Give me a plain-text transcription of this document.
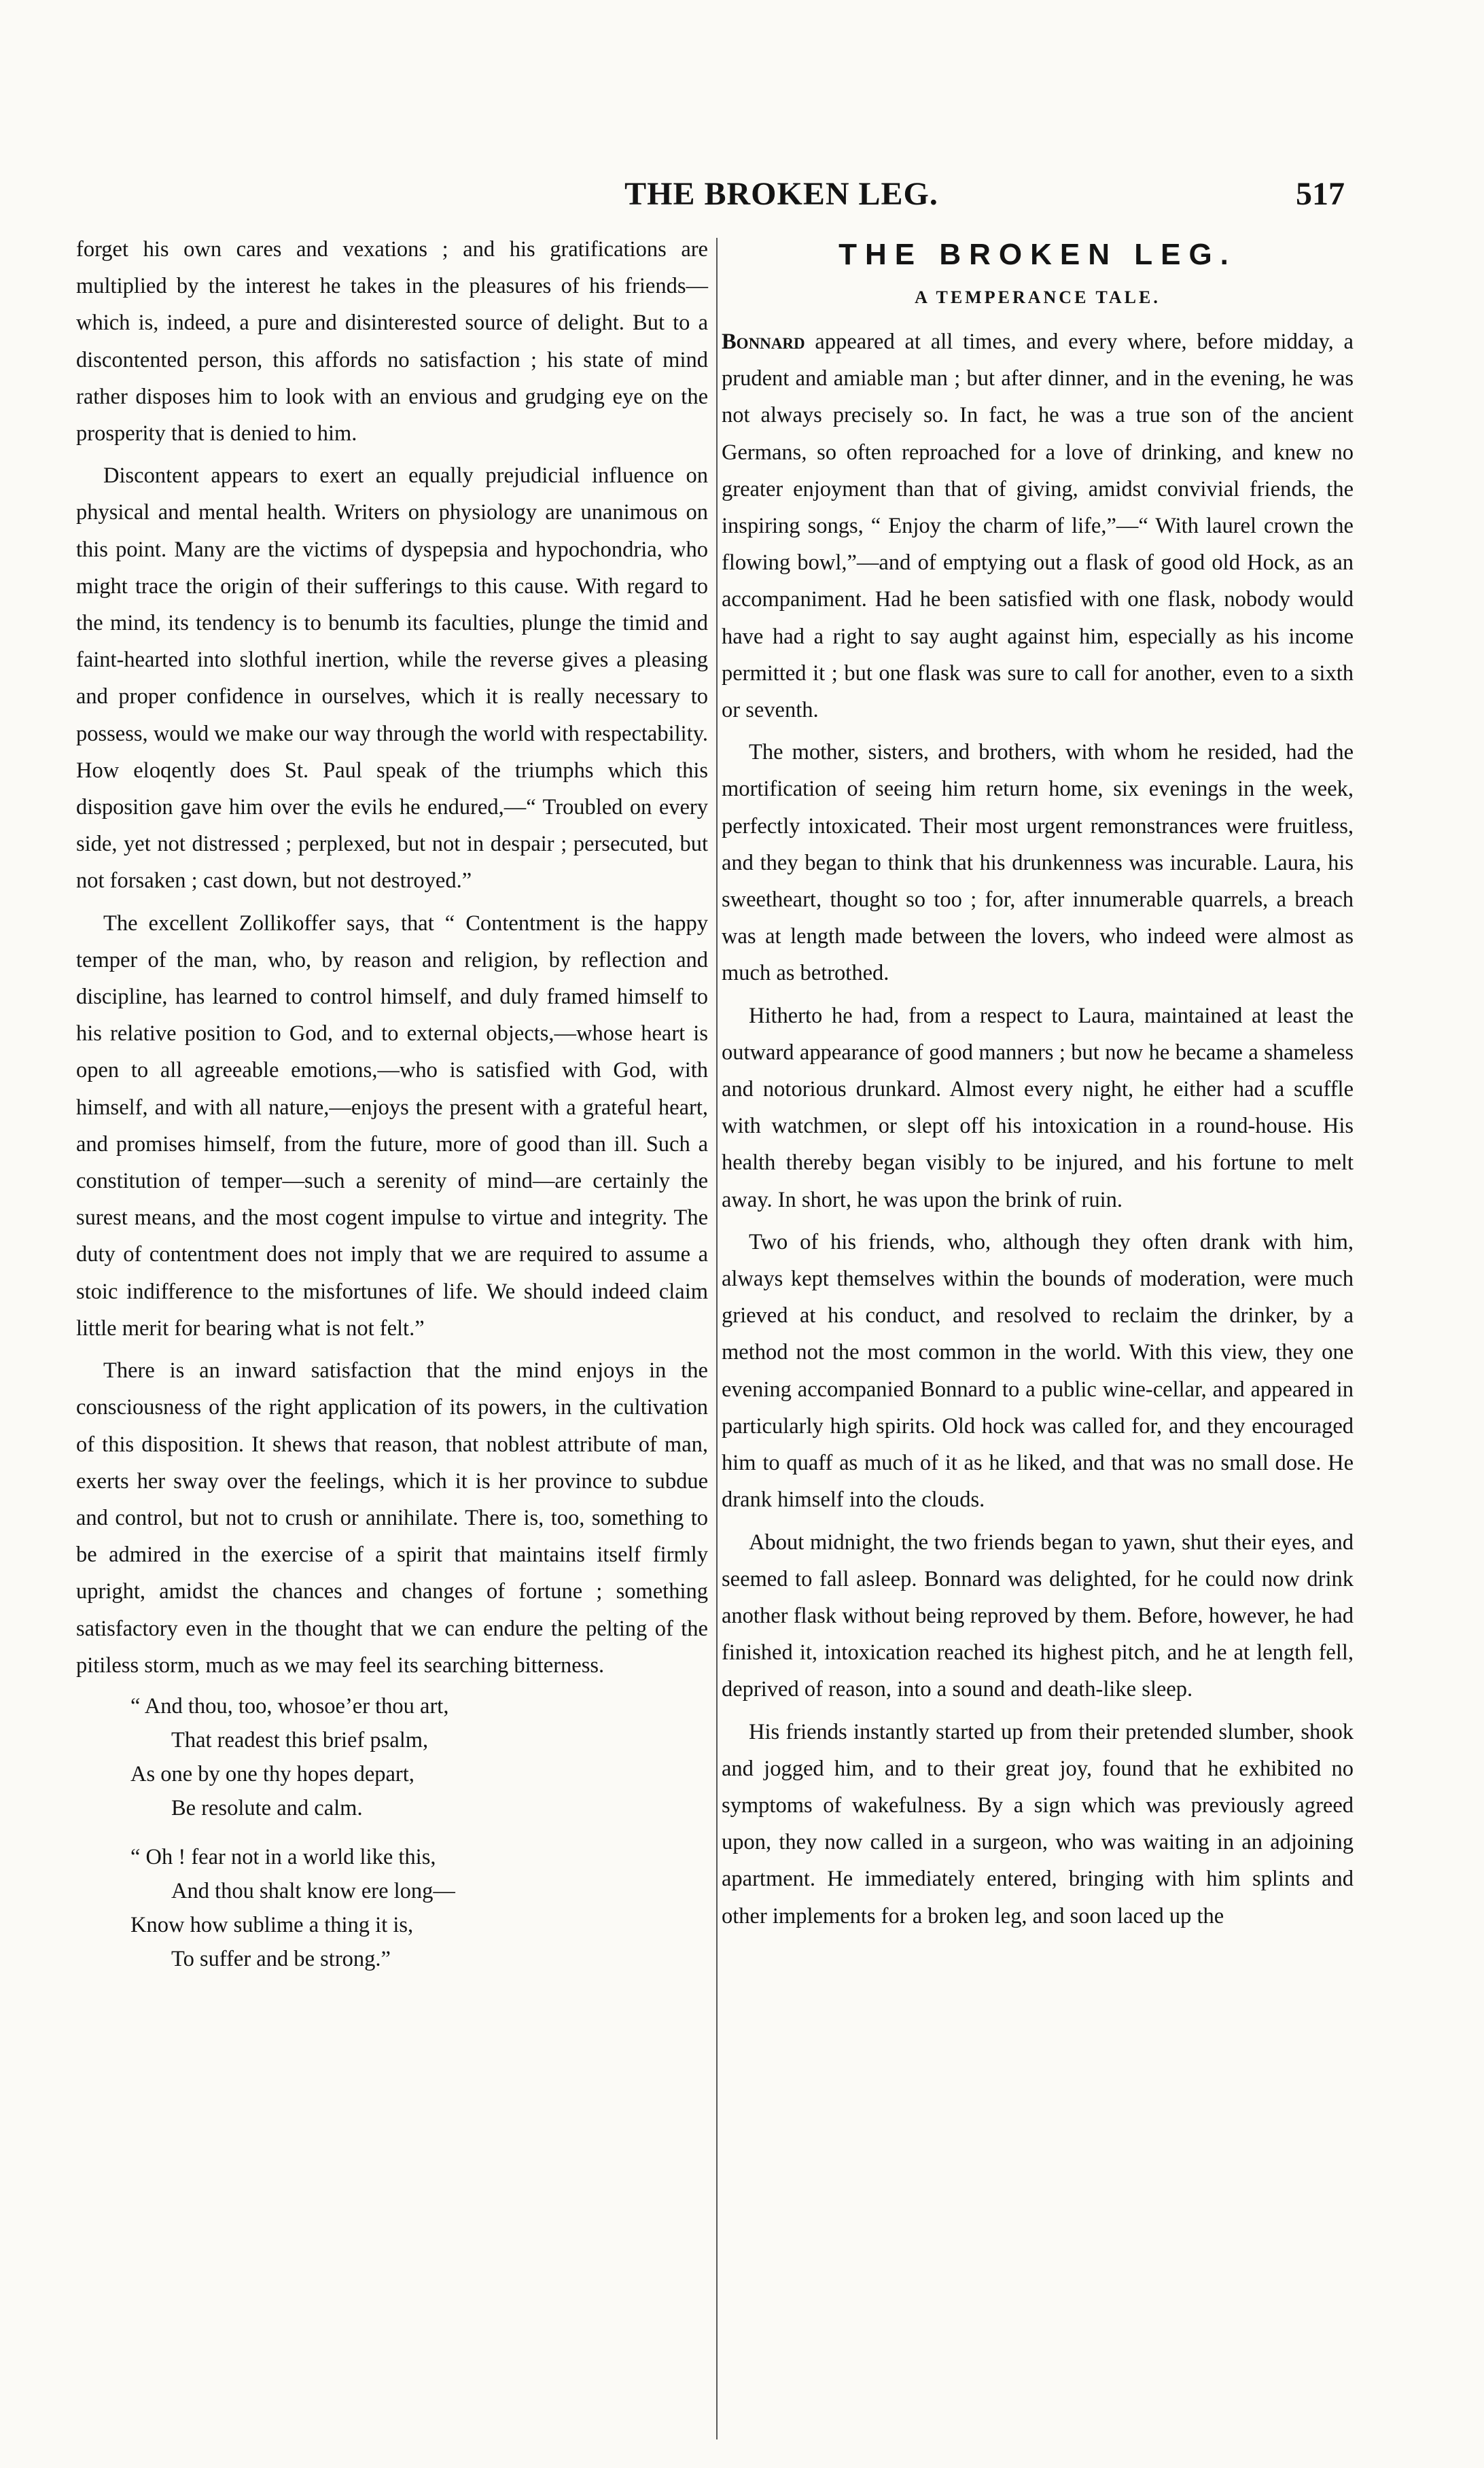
THE BROKEN LEG.	517

forget his own cares and vexations ; and his gratifications are multiplied by the interest he takes in the pleasures of his friends—which is, indeed, a pure and disinterested source of delight. But to a discontented person, this affords no satisfaction ; his state of mind rather disposes him to look with an envious and grudging eye on the prosperity that is denied to him.

Discontent appears to exert an equally prejudicial influence on physical and mental health. Writers on physiology are unanimous on this point. Many are the victims of dyspepsia and hypochondria, who might trace the origin of their sufferings to this cause. With regard to the mind, its tendency is to benumb its faculties, plunge the timid and faint-hearted into slothful inertion, while the reverse gives a pleasing and proper confidence in ourselves, which it is really necessary to possess, would we make our way through the world with respectability. How eloqently does St. Paul speak of the triumphs which this disposition gave him over the evils he endured,—“ Troubled on every side, yet not distressed ; perplexed, but not in despair ; persecuted, but not forsaken ; cast down, but not destroyed.”

The excellent Zollikoffer says, that “ Contentment is the happy temper of the man, who, by reason and religion, by reflection and discipline, has learned to control himself, and duly framed himself to his relative position to God, and to external objects,—whose heart is open to all agreeable emotions,—who is satisfied with God, with himself, and with all nature,—enjoys the present with a grateful heart, and promises himself, from the future, more of good than ill. Such a constitution of temper—such a serenity of mind—are certainly the surest means, and the most cogent impulse to virtue and integrity. The duty of contentment does not imply that we are required to assume a stoic indifference to the misfortunes of life. We should indeed claim little merit for bearing what is not felt.”

There is an inward satisfaction that the mind enjoys in the consciousness of the right application of its powers, in the cultivation of this disposition. It shews that reason, that noblest attribute of man, exerts her sway over the feelings, which it is her province to subdue and control, but not to crush or annihilate. There is, too, something to be admired in the exercise of a spirit that maintains itself firmly upright, amidst the chances and changes of fortune ; something satisfactory even in the thought that we can endure the pelting of the pitiless storm, much as we may feel its searching bitterness.

“ And thou, too, whosoe’er thou art,
That readest this brief psalm,
As one by one thy hopes depart,
Be resolute and calm.
“ Oh ! fear not in a world like this,
And thou shalt know ere long—
Know how sublime a thing it is,
To suffer and be strong.”
THE BROKEN LEG.
A TEMPERANCE TALE.

Bonnard appeared at all times, and every where, before midday, a prudent and amiable man ; but after dinner, and in the evening, he was not always precisely so. In fact, he was a true son of the ancient Germans, so often reproached for a love of drinking, and knew no greater enjoyment than that of giving, amidst convivial friends, the inspiring songs, “ Enjoy the charm of life,”—“ With laurel crown the flowing bowl,”—and of emptying out a flask of good old Hock, as an accompaniment. Had he been satisfied with one flask, nobody would have had a right to say aught against him, especially as his income permitted it ; but one flask was sure to call for another, even to a sixth or seventh.

The mother, sisters, and brothers, with whom he resided, had the mortification of seeing him return home, six evenings in the week, perfectly intoxicated. Their most urgent remonstrances were fruitless, and they began to think that his drunkenness was incurable. Laura, his sweetheart, thought so too ; for, after innumerable quarrels, a breach was at length made between the lovers, who indeed were almost as much as betrothed.

Hitherto he had, from a respect to Laura, maintained at least the outward appearance of good manners ; but now he became a shameless and notorious drunkard. Almost every night, he either had a scuffle with watchmen, or slept off his intoxication in a round-house. His health thereby began visibly to be injured, and his fortune to melt away. In short, he was upon the brink of ruin.

Two of his friends, who, although they often drank with him, always kept themselves within the bounds of moderation, were much grieved at his conduct, and resolved to reclaim the drinker, by a method not the most common in the world. With this view, they one evening accompanied Bonnard to a public wine-cellar, and appeared in particularly high spirits. Old hock was called for, and they encouraged him to quaff as much of it as he liked, and that was no small dose. He drank himself into the clouds.

About midnight, the two friends began to yawn, shut their eyes, and seemed to fall asleep. Bonnard was delighted, for he could now drink another flask without being reproved by them. Before, however, he had finished it, intoxication reached its highest pitch, and he at length fell, deprived of reason, into a sound and death-like sleep.

His friends instantly started up from their pretended slumber, shook and jogged him, and to their great joy, found that he exhibited no symptoms of wakefulness. By a sign which was previously agreed upon, they now called in a surgeon, who was waiting in an adjoining apartment. He immediately entered, bringing with him splints and other implements for a broken leg, and soon laced up the
